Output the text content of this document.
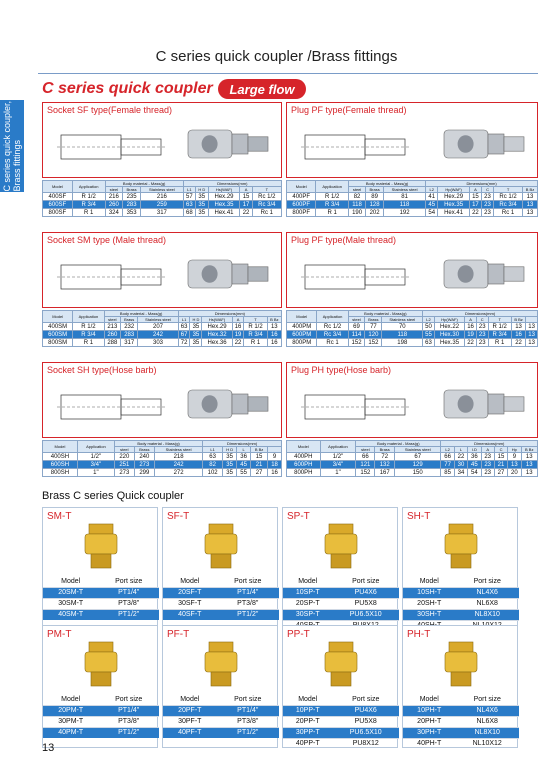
C series quick coupler /Brass fittings
C series quick coupler,
Brass fittings
C series quick coupler	Large flow
Socket SF type(Female thread)
Model	Application	Body material - Mass(g)			Dimensions(mm)				
		steel	Brass	Stainless steel	L1	H D	Hs(WAF)	A	T
400SF	R 1/2	216	235	216	57	35	Hex.29	15	Rc 1/2
600SF	R 3/4	260	283	259	63	35	Hex.35	17	Rc 3/4
800SF	R 1	324	353	317	68	35	Hex.41	22	Rc 1
Plug PF type(Female thread)
Model	Application	Body material - Mass(g)			Dimensions(mm)					
		steel	Brass	Stainless steel	L2	Hp(WAF)	A	C	T	B Bz
400PF	R 1/2	82	89	81	41	Hex.29	15	23	Rc 1/2	13
600PF	R 3/4	118	128	118	45	Hex.35	17	23	Rc 3/4	13
800PF	R 1	190	202	192	54	Hex.41	22	23	Rc 1	13
Socket SM type (Male thread)
Model	Application	Body material - Mass(g)			Dimensions(mm)					
		steel	Brass	Stainless steel	L1	H D	Hs(WAF)	A	T	B Bz
400SM	R 1/2	213	232	207	63	35	Hex.29	16	R 1/2	13
600SM	R 3/4	260	283	242	67	35	Hex.32	19	R 3/4	16
800SM	R 1	288	317	303	72	35	Hex.36	22	R 1	16
Plug PF type(Male thread)
Model	Application	Body material - Mass(g)			Dimensions(mm)						
		steel	Brass	Stainless steel	L2	Hp(WAF)	A	C	T	B Bz	
400PM	Rc 1/2	69	77	70	50	Hex.22	16	23	R 1/2	13	13
600PM	Rc 3/4	114	120	118	55	Hex.30	19	23	R 3/4	16	13
800PM	Rc 1	152	152	198	63	Hex.35	22	23	R 1	22	13
Socket SH type(Hose barb)
Model	Application	Body material - Mass(g)			Dimensions(mm)				
		steel	Brass	Stainless steel	L1	H D	L	B Bz	
400SH	1/2"	220	240	218	63	35	36	15	9
600SH	3/4"	251	273	242	82	35	45	21	18
800SH	1"	273	299	272	102	35	55	27	16
Plug PH type(Hose barb)
Model	Application	Body material - Mass(g)			Dimensions(mm)						
		steel	Brass	Stainless steel	L2	L	I.D	A	C	Hp	B Bz
400PH	1/2"	66	72	67	66	22	36	23	15	9	13
600PH	3/4"	121	132	129	77	30	45	23	21	13	13
800PH	1"	152	167	150	85	34	54	23	27	20	13
Brass C series Quick coupler
SM-T
Model	Port size
20SM-T	PT1/4"
30SM-T	PT3/8"
40SM-T	PT1/2"
SF-T
Model	Port size
20SF-T	PT1/4"
30SF-T	PT3/8"
40SF-T	PT1/2"
SP-T
Model	Port size
10SP-T	PU4X6
20SP-T	PU5X8
30SP-T	PU6.5X10

SH-T
Model	Port size
10SH-T	NL4X6
20SH-T	NL6X8
30SH-T	NL8X10

PM-T
Model	Port size
20PM-T	PT1/4"
30PM-T	PT3/8"
40PM-T	PT1/2"
PF-T
Model	Port size
20PF-T	PT1/4"
30PF-T	PT3/8"
40PF-T	PT1/2"
PP-T
Model	Port size
10PP-T	PU4X6
20PP-T	PU5X8
30PP-T	PU6.5X10
40PP-T	PU8X12
PH-T
Model	Port size
10PH-T	NL4X6
20PH-T	NL6X8
30PH-T	NL8X10
40PH-T	NL10X12
13
